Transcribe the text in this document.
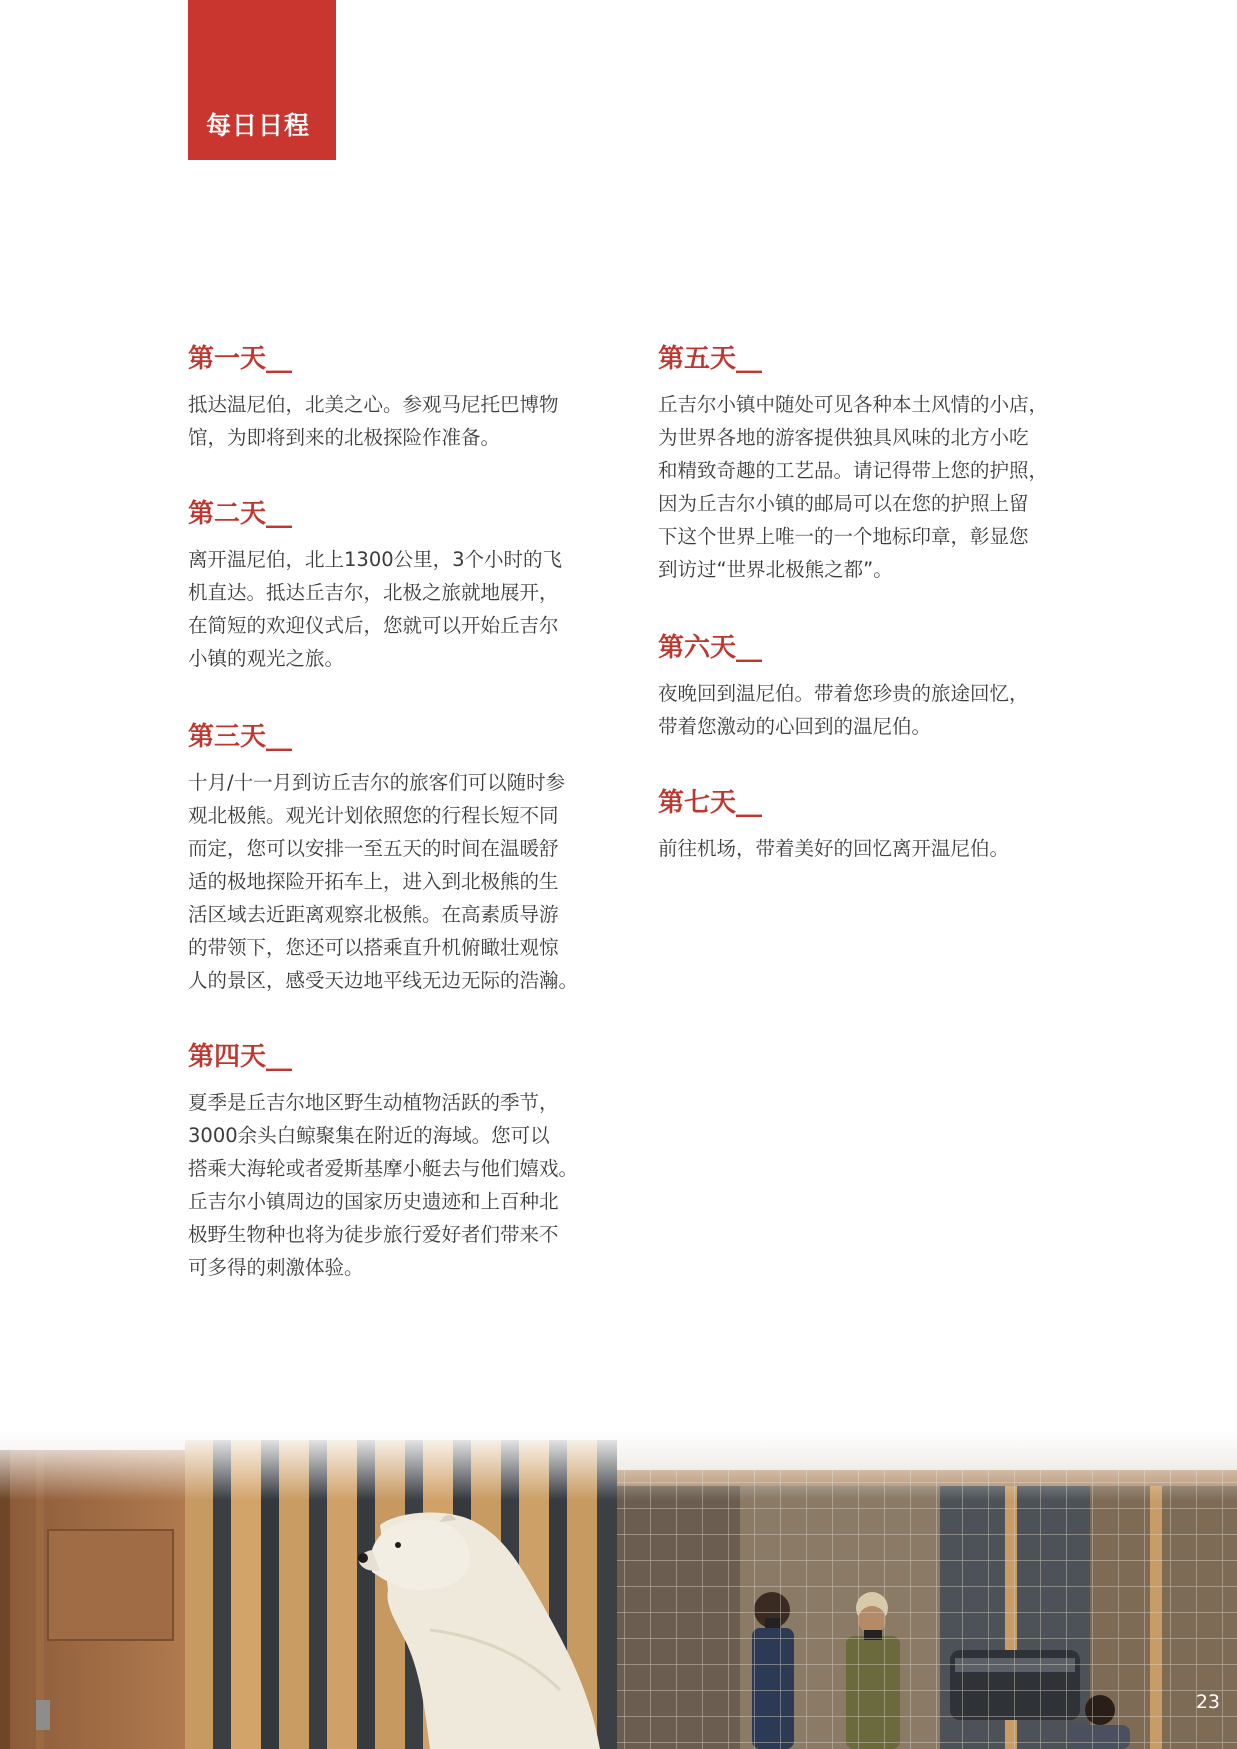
每日日程
第一天__
抵达温尼伯，北美之心。参观马尼托巴博物
馆，为即将到来的北极探险作准备。
第二天__
离开温尼伯，北上1300公里，3个小时的飞
机直达。抵达丘吉尔，北极之旅就地展开，
在简短的欢迎仪式后，您就可以开始丘吉尔
小镇的观光之旅。
第三天__
十月/十一月到访丘吉尔的旅客们可以随时参
观北极熊。观光计划依照您的行程长短不同
而定，您可以安排一至五天的时间在温暖舒
适的极地探险开拓车上，进入到北极熊的生
活区域去近距离观察北极熊。在高素质导游
的带领下，您还可以搭乘直升机俯瞰壮观惊
人的景区，感受天边地平线无边无际的浩瀚。
第四天__
夏季是丘吉尔地区野生动植物活跃的季节，
3000余头白鲸聚集在附近的海域。您可以
搭乘大海轮或者爱斯基摩小艇去与他们嬉戏。
丘吉尔小镇周边的国家历史遗迹和上百种北
极野生物种也将为徒步旅行爱好者们带来不
可多得的刺激体验。
第五天__
丘吉尔小镇中随处可见各种本土风情的小店，
为世界各地的游客提供独具风味的北方小吃
和精致奇趣的工艺品。请记得带上您的护照，
因为丘吉尔小镇的邮局可以在您的护照上留
下这个世界上唯一的一个地标印章，彰显您
到访过“世界北极熊之都”。
第六天__
夜晚回到温尼伯。带着您珍贵的旅途回忆，
带着您激动的心回到的温尼伯。
第七天__
前往机场，带着美好的回忆离开温尼伯。
23
